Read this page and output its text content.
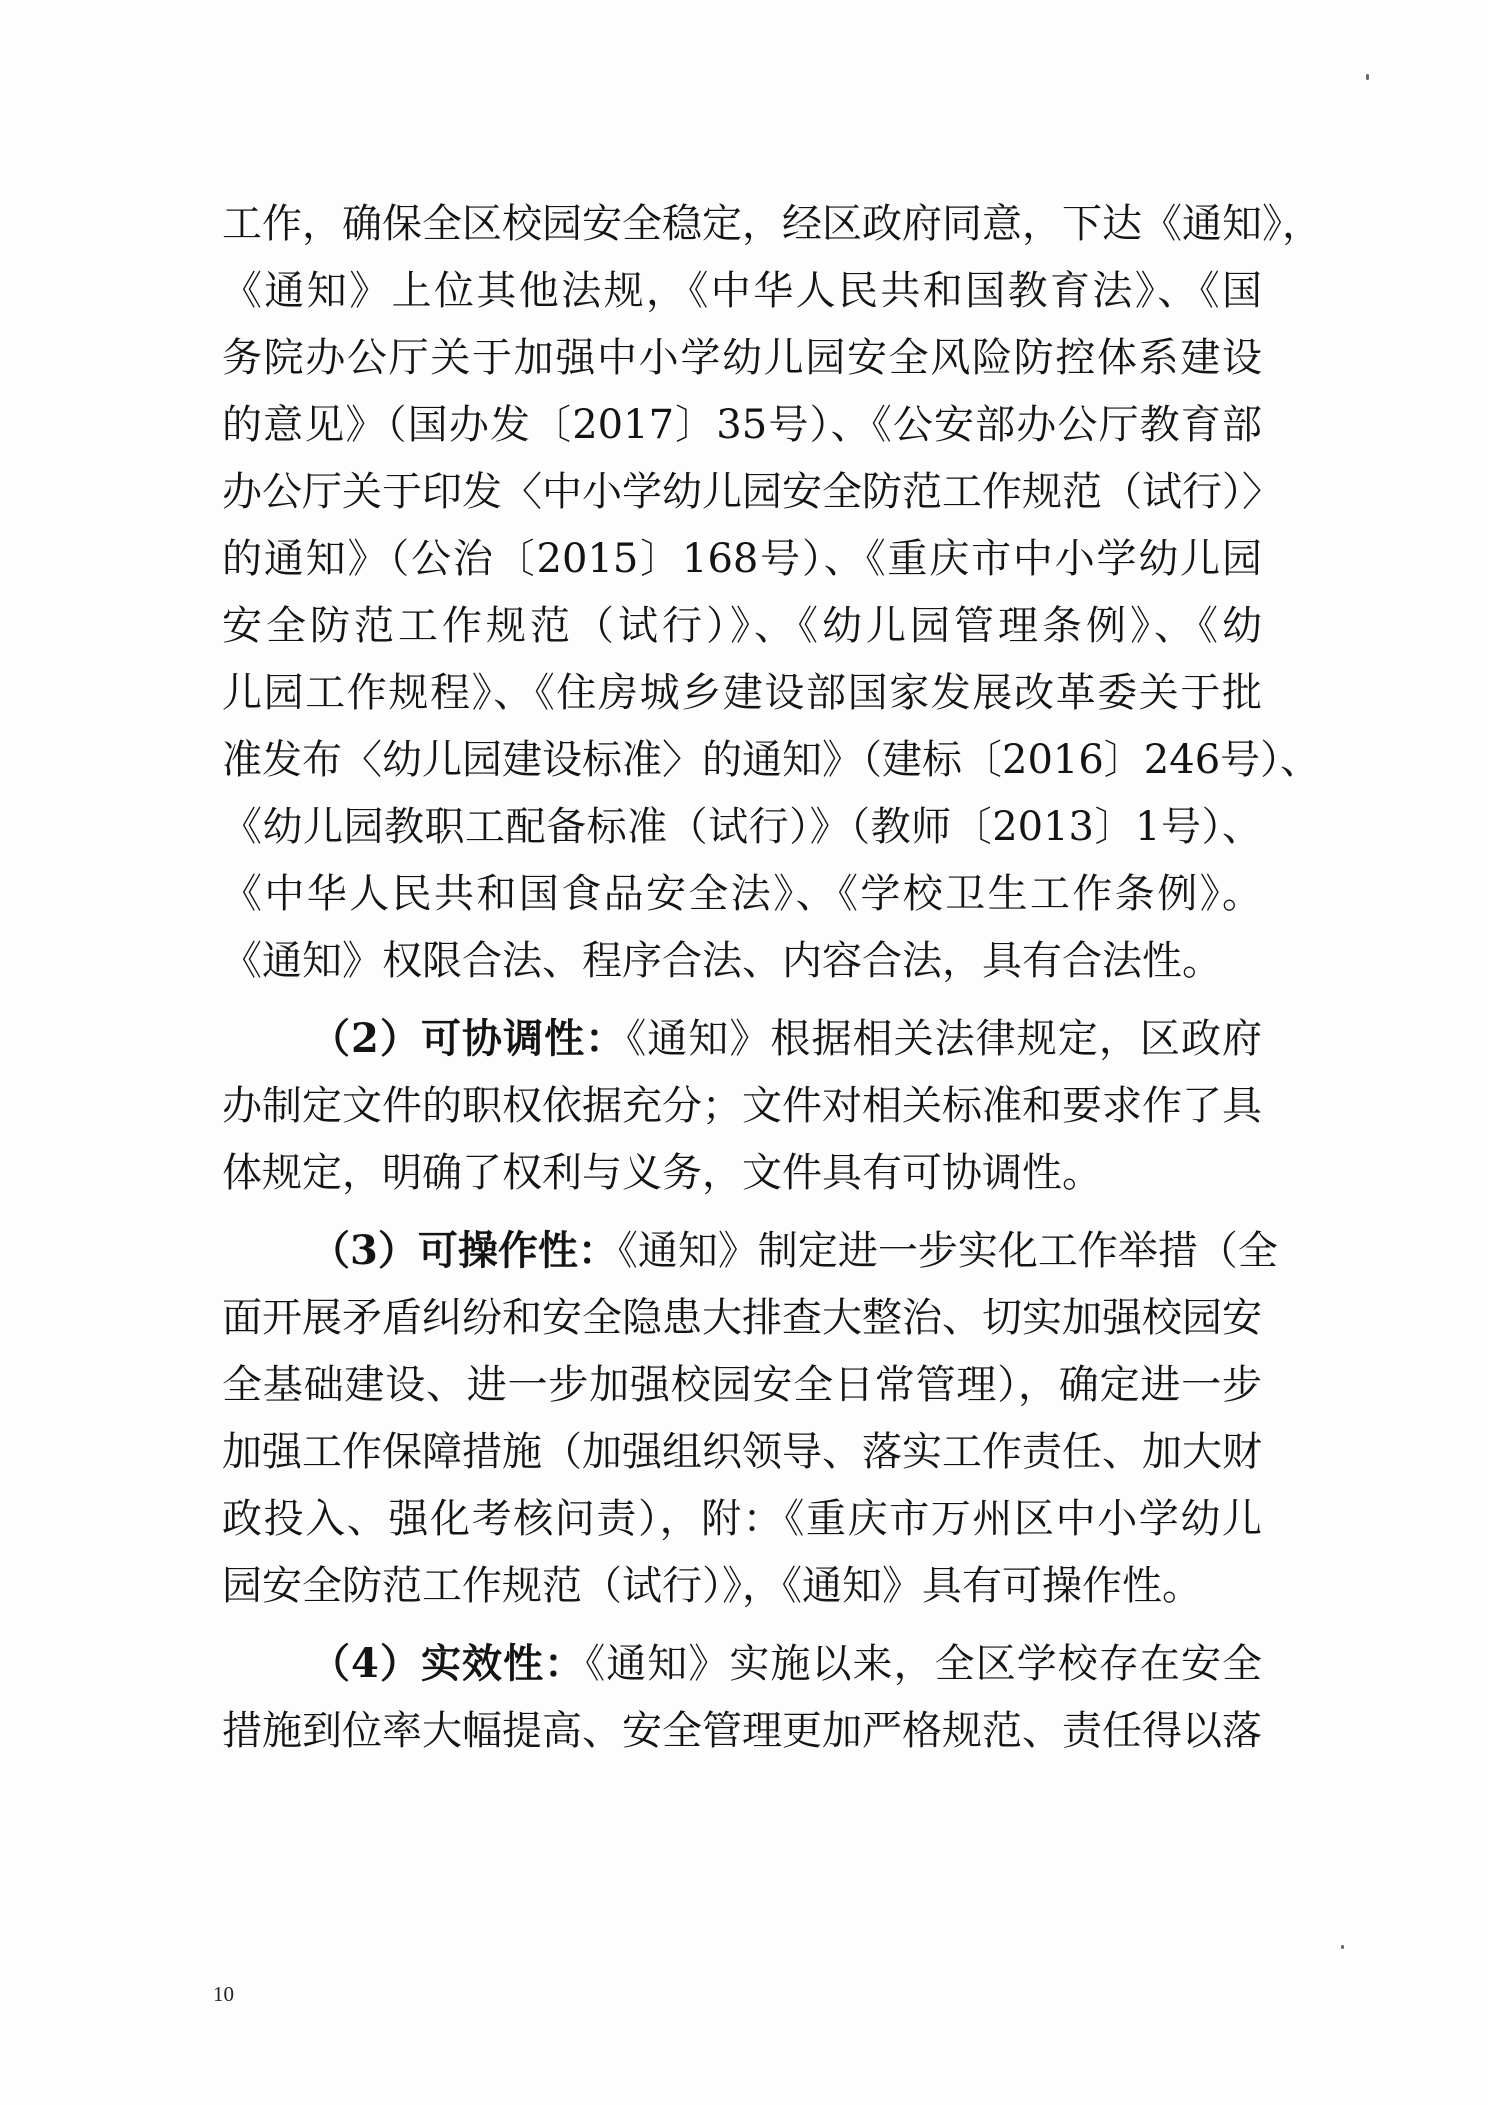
工作，确保全区校园安全稳定，经区政府同意，下达《通知》，
《通知》上位其他法规，《中华人民共和国教育法》、《国
务院办公厅关于加强中小学幼儿园安全风险防控体系建设
的意见》（国办发〔2017〕35号）、《公安部办公厅教育部
办公厅关于印发〈中小学幼儿园安全防范工作规范（试行）〉
的通知》（公治〔2015〕168号）、《重庆市中小学幼儿园
安全防范工作规范（试行）》、《幼儿园管理条例》、《幼
儿园工作规程》、《住房城乡建设部国家发展改革委关于批
准发布〈幼儿园建设标准〉的通知》（建标〔2016〕246号）、
《幼儿园教职工配备标准（试行）》（教师〔2013〕1号）、
《中华人民共和国食品安全法》、《学校卫生工作条例》。
《通知》权限合法、程序合法、内容合法，具有合法性。
（2）可协调性：《通知》根据相关法律规定，区政府
办制定文件的职权依据充分；文件对相关标准和要求作了具
体规定，明确了权利与义务，文件具有可协调性。
（3）可操作性：《通知》制定进一步实化工作举措（全
面开展矛盾纠纷和安全隐患大排查大整治、切实加强校园安
全基础建设、进一步加强校园安全日常管理），确定进一步
加强工作保障措施（加强组织领导、落实工作责任、加大财
政投入、强化考核问责），附：《重庆市万州区中小学幼儿
园安全防范工作规范（试行）》，《通知》具有可操作性。
（4）实效性：《通知》实施以来，全区学校存在安全
措施到位率大幅提高、安全管理更加严格规范、责任得以落
10
